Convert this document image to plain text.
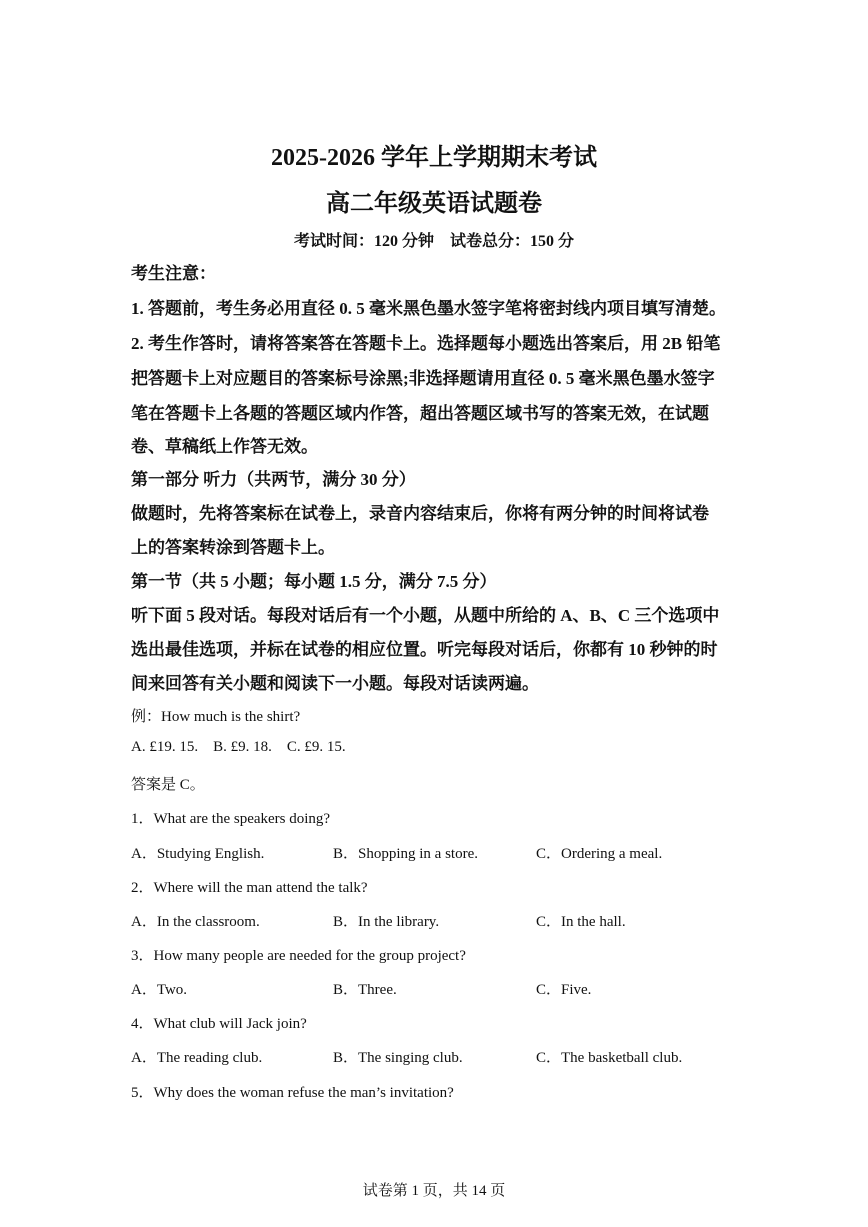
2025-2026 学年上学期期末考试
高二年级英语试题卷
考试时间：120 分钟    试卷总分：150 分
考生注意：
1. 答题前，考生务必用直径 0. 5 毫米黑色墨水签字笔将密封线内项目填写清楚。
2. 考生作答时，请将答案答在答题卡上。选择题每小题选出答案后，用 2B 铅笔
把答题卡上对应题目的答案标号涂黑;非选择题请用直径 0. 5 毫米黑色墨水签字
笔在答题卡上各题的答题区域内作答，超出答题区域书写的答案无效，在试题
卷、草稿纸上作答无效。
第一部分 听力（共两节，满分 30 分）
做题时，先将答案标在试卷上，录音内容结束后，你将有两分钟的时间将试卷
上的答案转涂到答题卡上。
第一节（共 5 小题；每小题 1.5 分，满分 7.5 分）
听下面 5 段对话。每段对话后有一个小题，从题中所给的 A、B、C 三个选项中
选出最佳选项，并标在试卷的相应位置。听完每段对话后，你都有 10 秒钟的时
间来回答有关小题和阅读下一小题。每段对话读两遍。
例：How much is the shirt?
A. £19. 15.    B. £9. 18.    C. £9. 15.
答案是 C。
1．What are the speakers doing?
A．Studying English.	B．Shopping in a store.	C．Ordering a meal.
2．Where will the man attend the talk?
A．In the classroom.	B．In the library.	C．In the hall.
3．How many people are needed for the group project?
A．Two.	B．Three.	C．Five.
4．What club will Jack join?
A．The reading club.	B．The singing club.	C．The basketball club.
5．Why does the woman refuse the man’s invitation?
试卷第 1 页，共 14 页
